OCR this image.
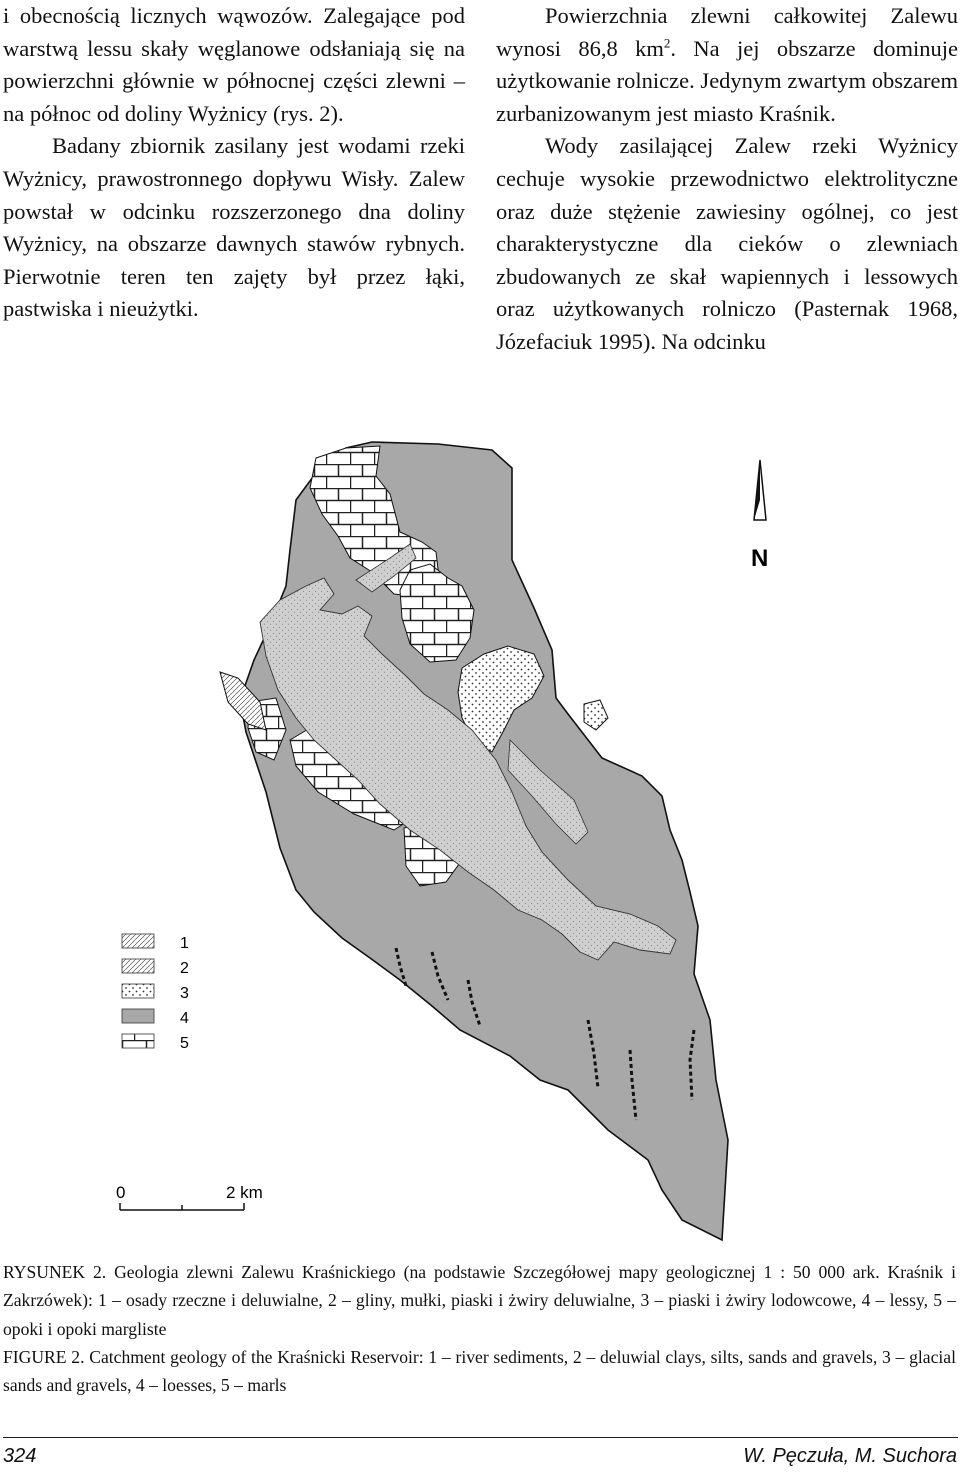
i obecnością licznych wąwozów. Zalegające pod warstwą lessu skały węglanowe odsłaniają się na powierzchni głównie w północnej części zlewni – na północ od doliny Wyżnicy (rys. 2).

Badany zbiornik zasilany jest wodami rzeki Wyżnicy, prawostronnego dopływu Wisły. Zalew powstał w odcinku rozszerzonego dna doliny Wyżnicy, na obszarze dawnych stawów rybnych. Pierwotnie teren ten zajęty był przez łąki, pastwiska i nieużytki.

Powierzchnia zlewni całkowitej Zalewu wynosi 86,8 $km^2$. Na jej obszarze dominuje użytkowanie rolnicze. Jedynym zwartym obszarem zurbanizowanym jest miasto Kraśnik.

Wody zasilającej Zalew rzeki Wyżnicy cechuje wysokie przewodnictwo elektrolityczne oraz duże stężenie zawiesiny ogólnej, co jest charakterystyczne dla cieków o zlewniach zbudowanych ze skał wapiennych i lessowych oraz użytkowanych rolniczo (Pasternak 1968, Józefaciuk 1995). Na odcinku

N
1
2
3
4
5
0	2 km

RYSUNEK 2. Geologia zlewni Zalewu Kraśnickiego (na podstawie Szczegółowej mapy geologicznej 1 : 50 000 ark. Kraśnik i Zakrzówek): 1 – osady rzeczne i deluwialne, 2 – gliny, mułki, piaski i żwiry deluwialne, 3 – piaski i żwiry lodowcowe, 4 – lessy, 5 – opoki i opoki margliste

FIGURE 2. Catchment geology of the Kraśnicki Reservoir: 1 – river sediments, 2 – deluwial clays, silts, sands and gravels, 3 – glacial sands and gravels, 4 – loesses, 5 – marls

324	W. Pęczuła, M. Suchora
